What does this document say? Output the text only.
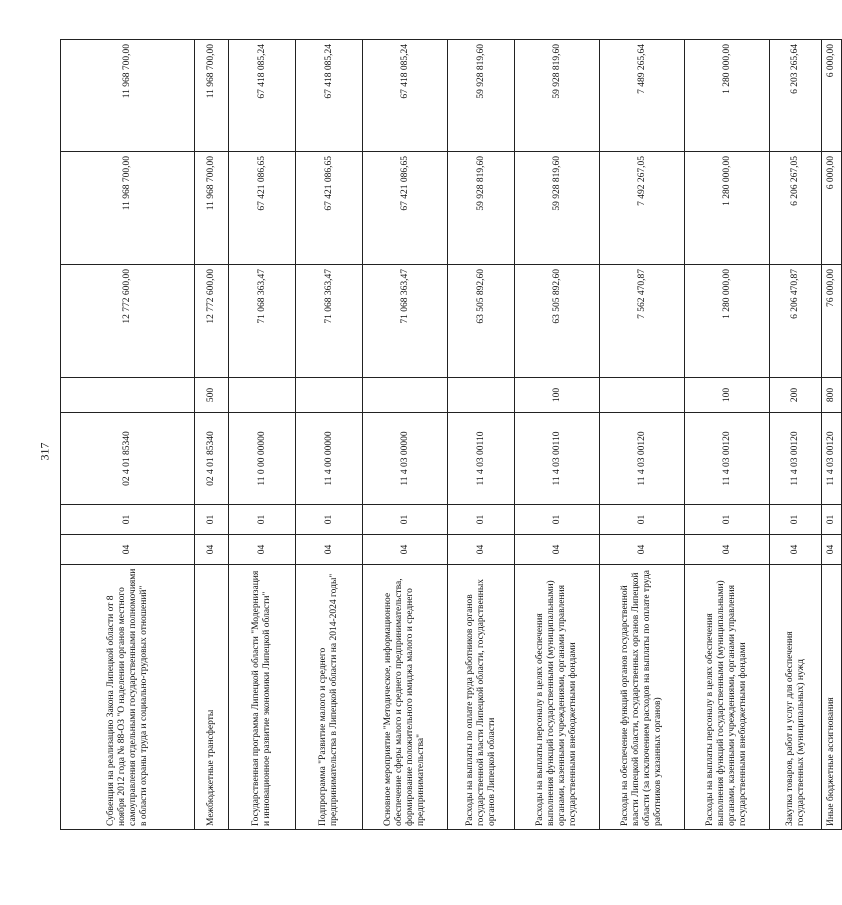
317
Субвенция на реализацию Закона Липецкой области от 8 ноября 2012 года № 88-ОЗ "О наделении органов местного самоуправления отдельными государственными полномочиями в области охраны труда и социально-трудовых отношений"	04	01	02 4 01 85340		12 772 600,00	11 968 700,00	11 968 700,00
Межбюджетные трансферты	04	01	02 4 01 85340	500	12 772 600,00	11 968 700,00	11 968 700,00
Государственная программа Липецкой области "Модернизация и инновационное развитие экономики Липецкой области"	04	01	11 0 00 00000		71 068 363,47	67 421 086,65	67 418 085,24
Подпрограмма "Развитие малого и среднего предпринимательства в Липецкой области на 2014-2024 годы"	04	01	11 4 00 00000		71 068 363,47	67 421 086,65	67 418 085,24
Основное мероприятие "Методическое, информационное обеспечение сферы малого и среднего предпринимательства, формирование положительного имиджа малого и среднего предпринимательства"	04	01	11 4 03 00000		71 068 363,47	67 421 086,65	67 418 085,24
Расходы на выплаты по оплате труда работников органов государственной власти Липецкой области, государственных органов Липецкой области	04	01	11 4 03 00110		63 505 892,60	59 928 819,60	59 928 819,60
Расходы на выплаты персоналу в целях обеспечения выполнения функций государственными (муниципальными) органами, казенными учреждениями, органами управления государственными внебюджетными фондами	04	01	11 4 03 00110	100	63 505 892,60	59 928 819,60	59 928 819,60
Расходы на обеспечение функций органов государственной власти Липецкой области, государственных органов Липецкой области (за исключением расходов на выплаты по оплате труда работников указанных органов)	04	01	11 4 03 00120		7 562 470,87	7 492 267,05	7 489 265,64
Расходы на выплаты персоналу в целях обеспечения выполнения функций государственными (муниципальными) органами, казенными учреждениями, органами управления государственными внебюджетными фондами	04	01	11 4 03 00120	100	1 280 000,00	1 280 000,00	1 280 000,00
Закупка товаров, работ и услуг для обеспечения государственных (муниципальных) нужд	04	01	11 4 03 00120	200	6 206 470,87	6 206 267,05	6 203 265,64
Иные бюджетные ассигнования	04	01	11 4 03 00120	800	76 000,00	6 000,00	6 000,00
